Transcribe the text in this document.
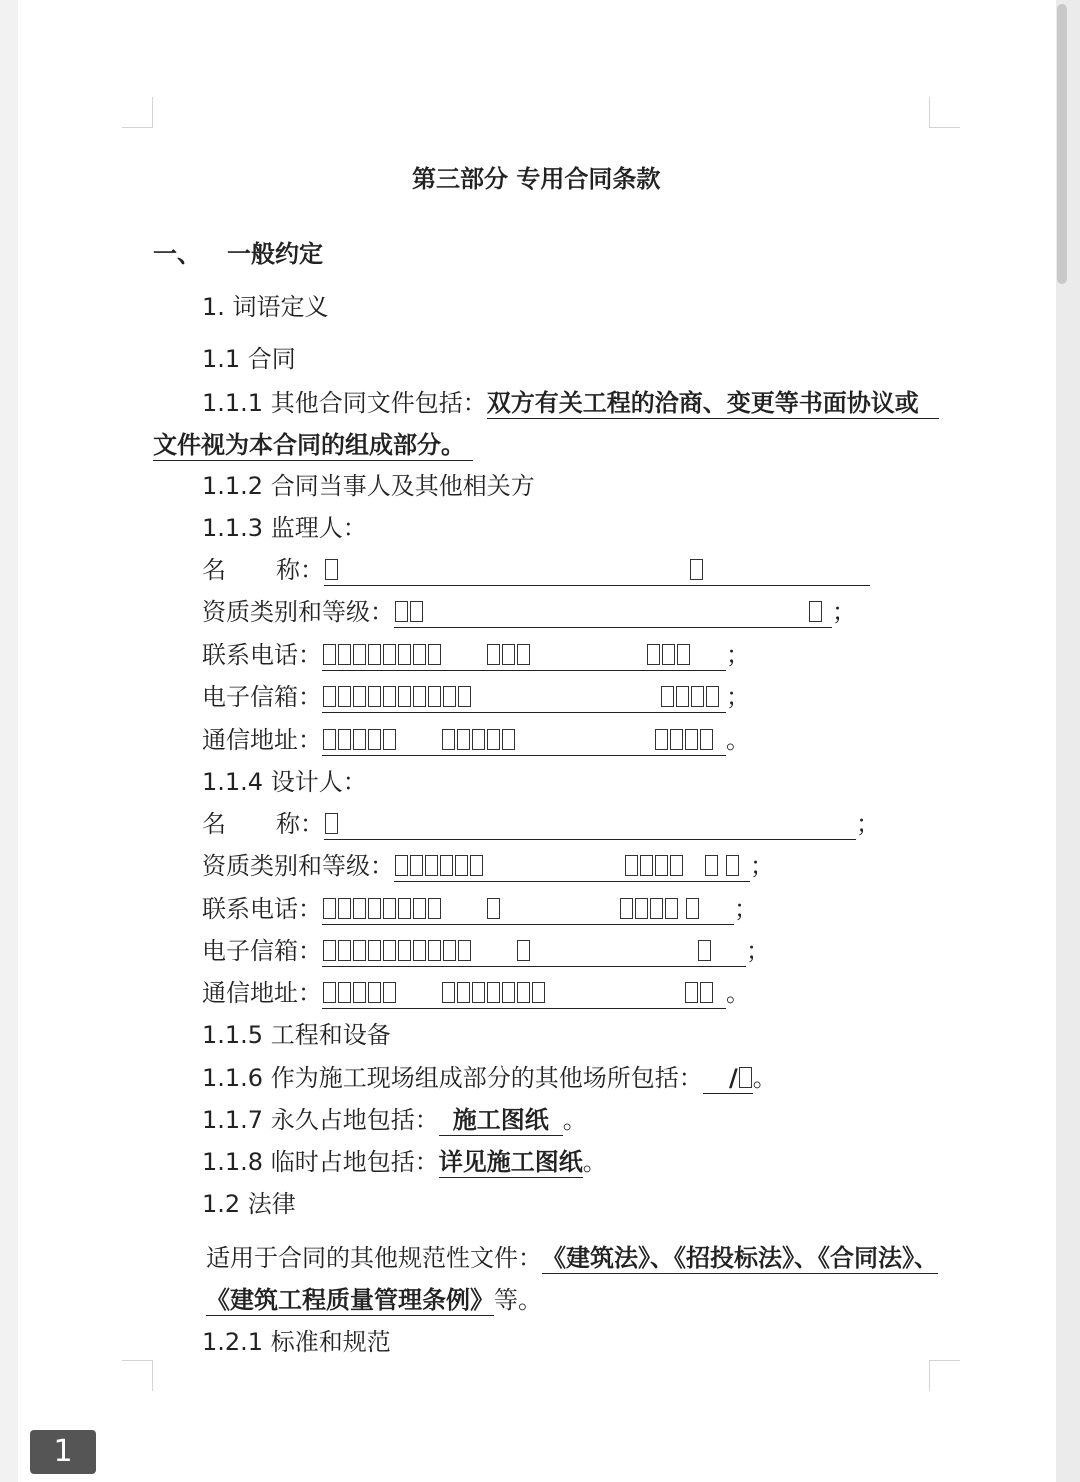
第三部分 专用合同条款
一、 一般约定
1. 词语定义
1.1 合同
1.1.1 其他合同文件包括：双方有关工程的洽商、变更等书面协议或
文件视为本合同的组成部分。
1.1.2 合同当事人及其他相关方
1.1.3 监理人：
名 称：
资质类别和等级：	；
联系电话：	；
电子信箱：	；
通信地址：	。
1.1.4 设计人：
名 称：	；
资质类别和等级：	；
联系电话：	；
电子信箱：	；
通信地址：	。
1.1.5 工程和设备
1.1.6 作为施工现场组成部分的其他场所包括： / 。
1.1.7 永久占地包括： 施工图纸 。
1.1.8 临时占地包括：详见施工图纸。
1.2 法律
适用于合同的其他规范性文件：《建筑法》、《招投标法》、《合同法》、
《建筑工程质量管理条例》等。
1.2.1 标准和规范
1
